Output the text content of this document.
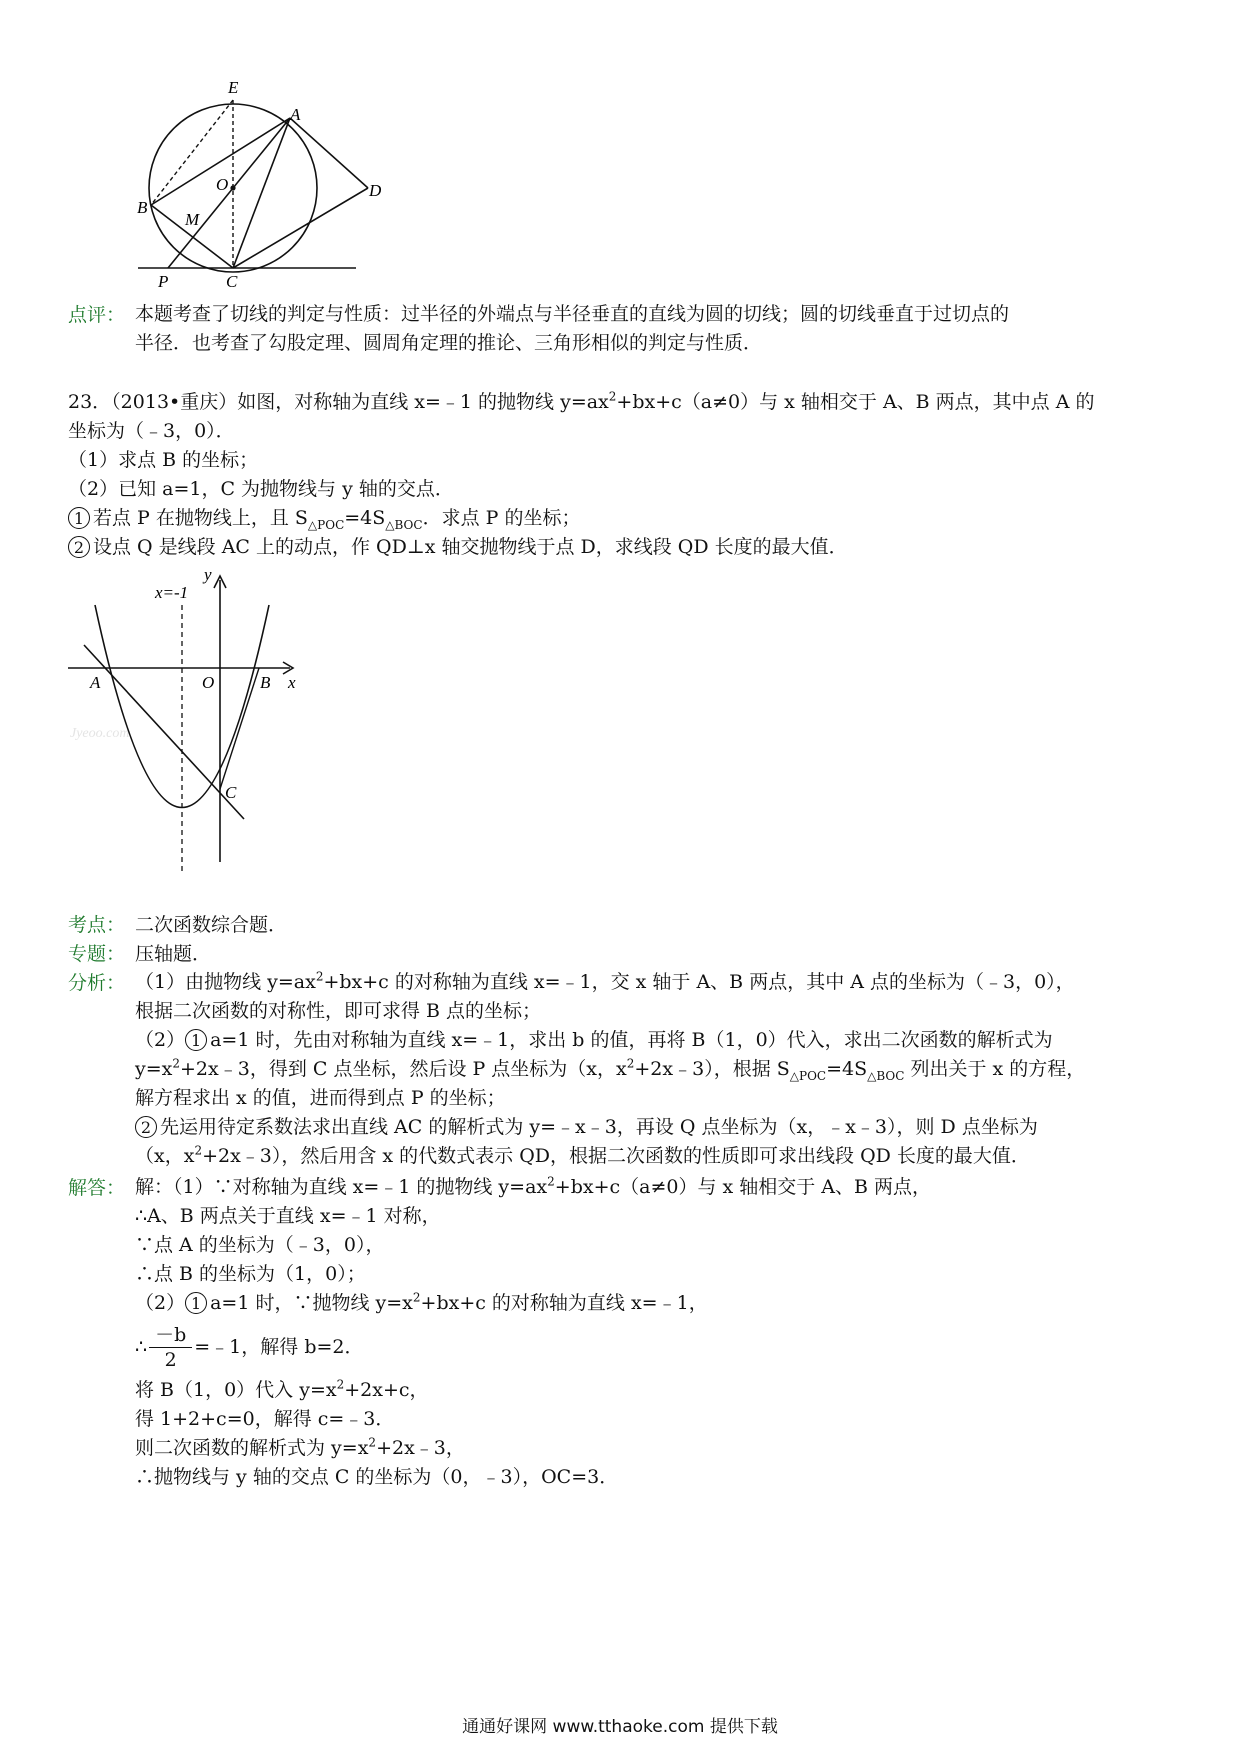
E
A
O	D
B
M
P	C
点评： 本题考查了切线的判定与性质：过半径的外端点与半径垂直的直线为圆的切线；圆的切线垂直于过切点的
半径．也考查了勾股定理、圆周角定理的推论、三角形相似的判定与性质．
23．（2013•重庆）如图，对称轴为直线 x=﹣1 的抛物线 $y=ax^2+bx+c(a\ne 0)$与 x 轴相交于 A、B 两点，其中点 A 的
坐标为（﹣3，0）．
（1）求点 B 的坐标；
（2）已知 a=1，C 为抛物线与 y 轴的交点．
1 若点 P 在抛物线上，且 $S_{\triangle POC}=4S_{\triangle BOC}$．求点 P 的坐标；
2 设点 Q 是线段 AC 上的动点，作 QD⊥x 轴交抛物线于点 D，求线段 QD 长度的最大值．
Jyeoo.com
x=-1
y
A	O	B x
C
考点： 二次函数综合题．
专题： 压轴题．
分析： （1）由抛物线 $y=ax^2+bx+c$ 的对称轴为直线 x=﹣1，交 x 轴于 A、B 两点，其中 A 点的坐标为（﹣3，0），
根据二次函数的对称性，即可求得 B 点的坐标；
（2） 1 a=1 时，先由对称轴为直线 x=﹣1，求出 b 的值，再将 B（1，0）代入，求出二次函数的解析式为
$y=x^2+2x﹣3$，得到 C 点坐标，然后设 P 点坐标为（x，$x^2+2x﹣3$），根据 $S_{\triangle POC}=4S_{\triangle BOC}$ 列出关于 x 的方程，
解方程求出 x 的值，进而得到点 P 的坐标；
2 先运用待定系数法求出直线 AC 的解析式为 y=﹣x﹣3，再设 Q 点坐标为（x，﹣x﹣3），则 D 点坐标为
（x，$x^2+2x﹣3$），然后用含 x 的代数式表示 QD，根据二次函数的性质即可求出线段 QD 长度的最大值．
解答： 解：（1）∵对称轴为直线 x=﹣1 的抛物线 $y=ax^2+bx+c(a\ne 0)$与 x 轴相交于 A、B 两点，
∴A、B 两点关于直线 x=﹣1 对称，
∵点 A 的坐标为（﹣3，0），
∴点 B 的坐标为（1，0）；
（2） 1 a=1 时，∵抛物线 $y=x^2+bx+c$ 的对称轴为直线 x=﹣1，
∴ $\frac{-b}{2}$ =﹣1，解得 b=2．
将 B（1，0）代入 $y=x^2+2x+c$，
得 1+2+c=0，解得 c=﹣3．
则二次函数的解析式为 $y=x^2+2x﹣3$，
∴抛物线与 y 轴的交点 C 的坐标为（0，﹣3），OC=3．
通通好课网 www.tthaoke.com 提供下载
